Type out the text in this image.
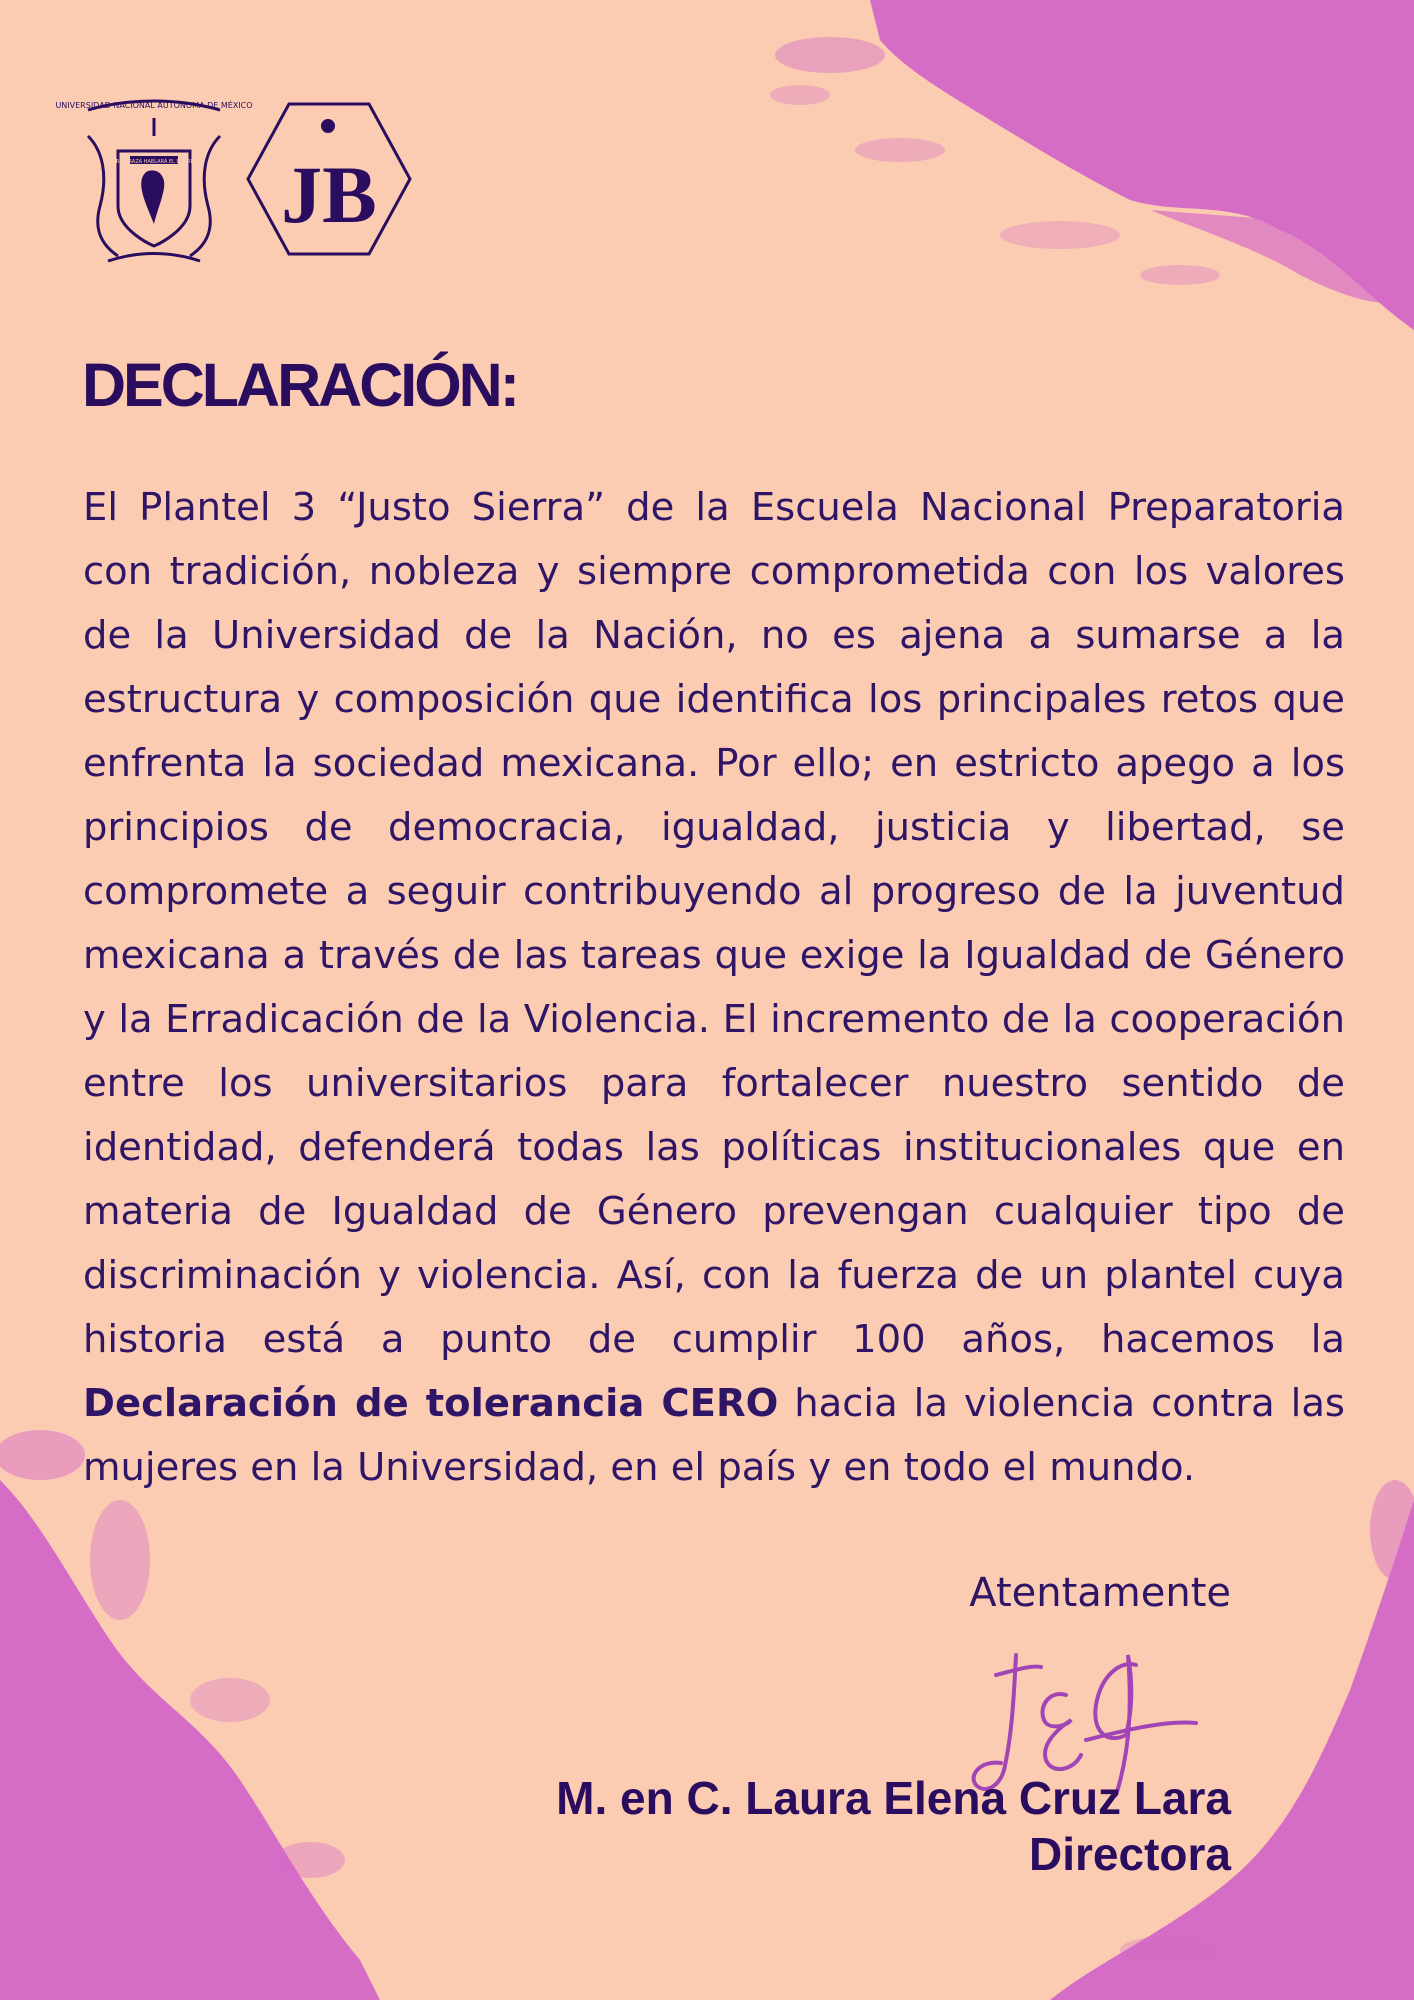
UNIVERSIDAD NACIONAL AUTÓNOMA DE MÉXICO
POR MI RAZA HABLARÁ EL ESPÍRITU JB
DECLARACIÓN:

El Plantel 3 “Justo Sierra” de la Escuela Nacional Preparatoria con tradición, nobleza y siempre comprometida con los valores de la Universidad de la Nación, no es ajena a sumarse a la estructura y composición que identifica los principales retos que enfrenta la sociedad mexicana. Por ello; en estricto apego a los principios de democracia, igualdad, justicia y libertad, se compromete a seguir contribuyendo al progreso de la juventud mexicana a través de las tareas que exige la Igualdad de Género y la Erradicación de la Violencia. El incremento de la cooperación entre los universitarios para fortalecer nuestro sentido de identidad, defenderá todas las políticas institucionales que en materia de Igualdad de Género prevengan cualquier tipo de discriminación y violencia. Así, con la fuerza de un plantel cuya historia está a punto de cumplir 100 años, hacemos la Declaración de tolerancia CERO hacia la violencia contra las mujeres en la Universidad, en el país y en todo el mundo.

Atentamente
M. en C. Laura Elena Cruz Lara
Directora
